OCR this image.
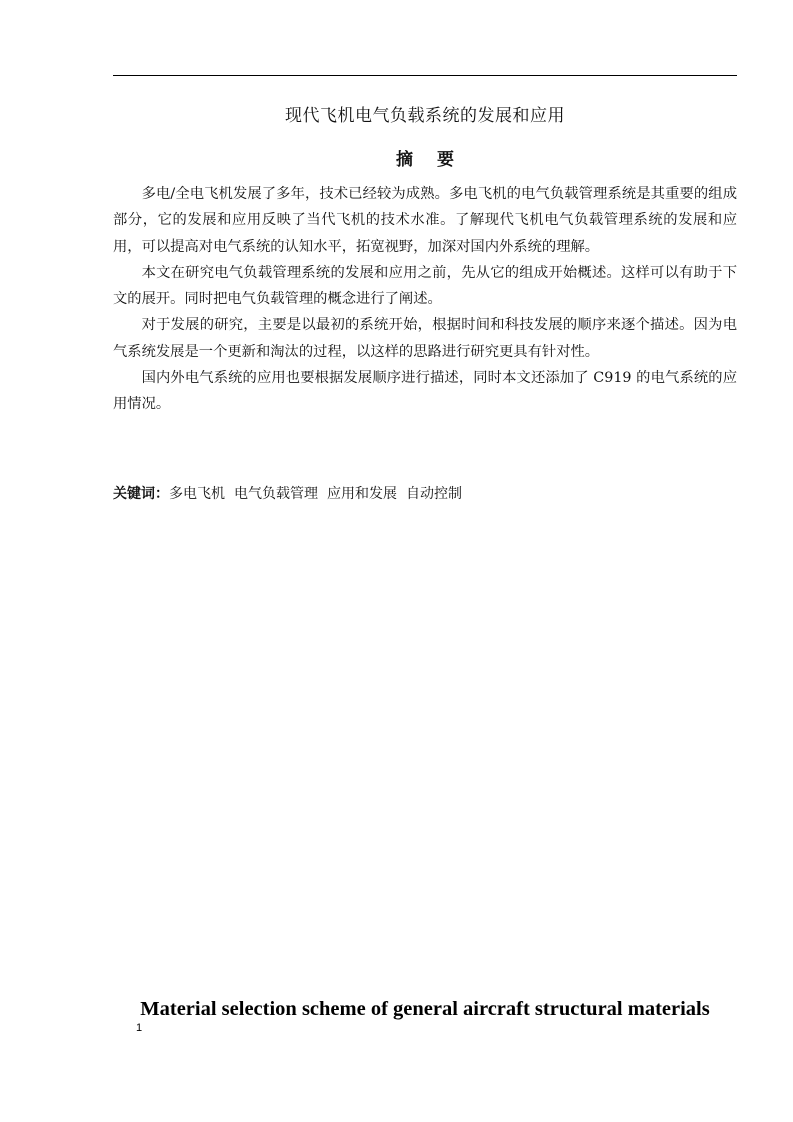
现代飞机电气负载系统的发展和应用
摘 要

多电/全电飞机发展了多年，技术已经较为成熟。多电飞机的电气负载管理系统是其重要的组成部分，它的发展和应用反映了当代飞机的技术水准。了解现代飞机电气负载管理系统的发展和应用，可以提高对电气系统的认知水平，拓宽视野，加深对国内外系统的理解。

本文在研究电气负载管理系统的发展和应用之前，先从它的组成开始概述。这样可以有助于下文的展开。同时把电气负载管理的概念进行了阐述。

对于发展的研究，主要是以最初的系统开始，根据时间和科技发展的顺序来逐个描述。因为电气系统发展是一个更新和淘汰的过程，以这样的思路进行研究更具有针对性。

国内外电气系统的应用也要根据发展顺序进行描述，同时本文还添加了 C919 的电气系统的应用情况。

关键词：多电飞机 电气负载管理 应用和发展 自动控制
Material selection scheme of general aircraft structural materials
1
